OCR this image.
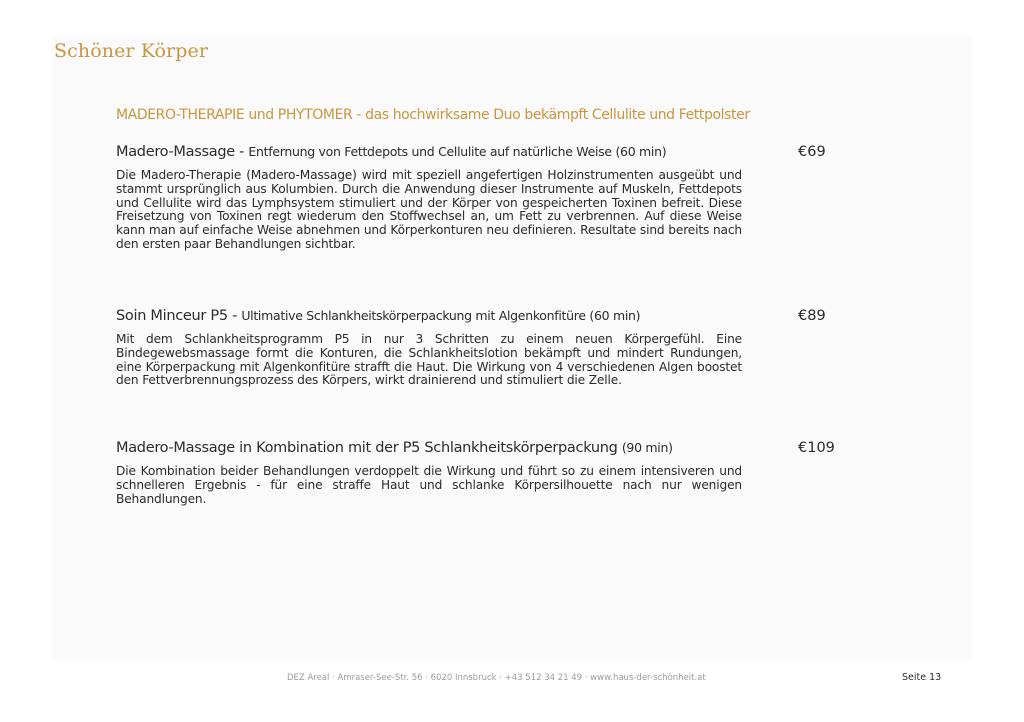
Schöner Körper
MADERO-THERAPIE und PHYTOMER - das hochwirksame Duo bekämpft Cellulite und Fettpolster
Madero-Massage - Entfernung von Fettdepots und Cellulite auf natürliche Weise (60 min)	€69
Die Madero-Therapie (Madero-Massage) wird mit speziell angefertigen Holzinstrumenten ausgeübt und stammt ursprünglich aus Kolumbien. Durch die Anwendung dieser Instrumente auf Muskeln, Fettdepots und Cellulite wird das Lymphsystem stimuliert und der Körper von gespeicherten Toxinen befreit. Diese Freisetzung von Toxinen regt wiederum den Stoffwechsel an, um Fett zu verbrennen. Auf diese Weise kann man auf einfache Weise abnehmen und Körperkonturen neu definieren. Resultate sind bereits nach den ersten paar Behandlungen sichtbar.
Soin Minceur P5 - Ultimative Schlankheitskörperpackung mit Algenkonfitüre (60 min)	€89
Mit dem Schlankheitsprogramm P5 in nur 3 Schritten zu einem neuen Körpergefühl. Eine Bindegewebsmassage formt die Konturen, die Schlankheitslotion bekämpft und mindert Rundungen, eine Körperpackung mit Algenkonfitüre strafft die Haut. Die Wirkung von 4 verschiedenen Algen boostet den Fettverbrennungsprozess des Körpers, wirkt drainierend und stimuliert die Zelle.
Madero-Massage in Kombination mit der P5 Schlankheitskörperpackung (90 min)	€109
Die Kombination beider Behandlungen verdoppelt die Wirkung und führt so zu einem intensiveren und schnelleren Ergebnis - für eine straffe Haut und schlanke Körpersilhouette nach nur wenigen Behandlungen.
DEZ Areal · Amraser-See-Str. 56 · 6020 Innsbruck · +43 512 34 21 49 · www.haus-der-schönheit.at	Seite 13
